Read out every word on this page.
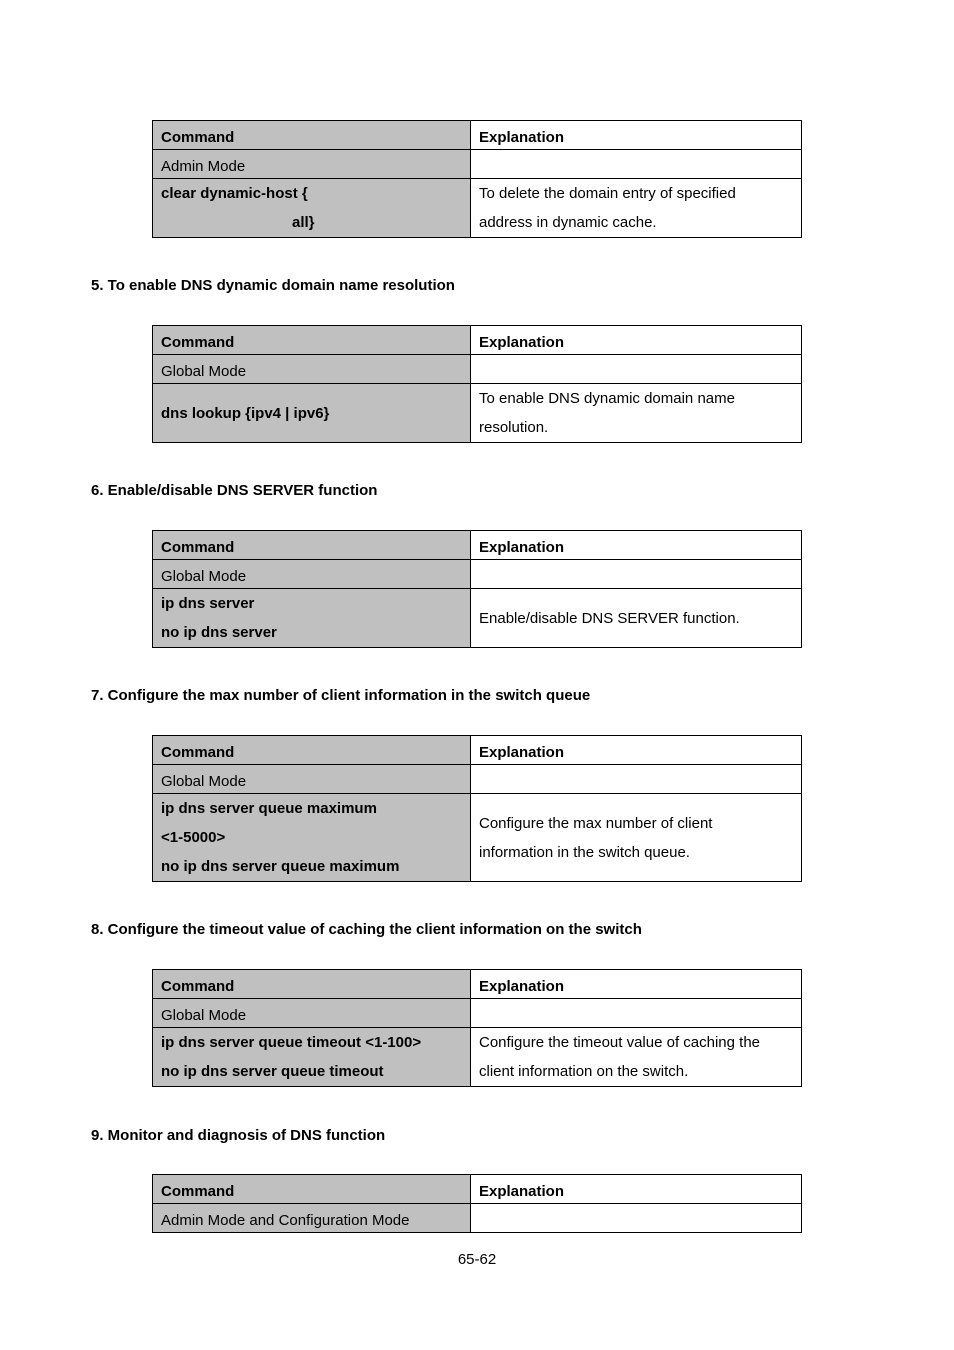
Command	Explanation
Admin Mode	

clear dynamic-host {
all}	To delete the domain entry of specified
address in dynamic cache.
5. To enable DNS dynamic domain name resolution
Command	Explanation
Global Mode	

dns lookup {ipv4 | ipv6}	To enable DNS dynamic domain name
resolution.
6. Enable/disable DNS SERVER function
Command	Explanation
Global Mode	

ip dns server
no ip dns server	Enable/disable DNS SERVER function.
7. Configure the max number of client information in the switch queue
Command	Explanation
Global Mode	

ip dns server queue maximum
<1-5000>
no ip dns server queue maximum	Configure the max number of client
information in the switch queue.
8. Configure the timeout value of caching the client information on the switch
Command	Explanation
Global Mode	

ip dns server queue timeout <1-100>
no ip dns server queue timeout	Configure the timeout value of caching the
client information on the switch.
9. Monitor and diagnosis of DNS function
Command	Explanation
Admin Mode and Configuration Mode	
65-62
